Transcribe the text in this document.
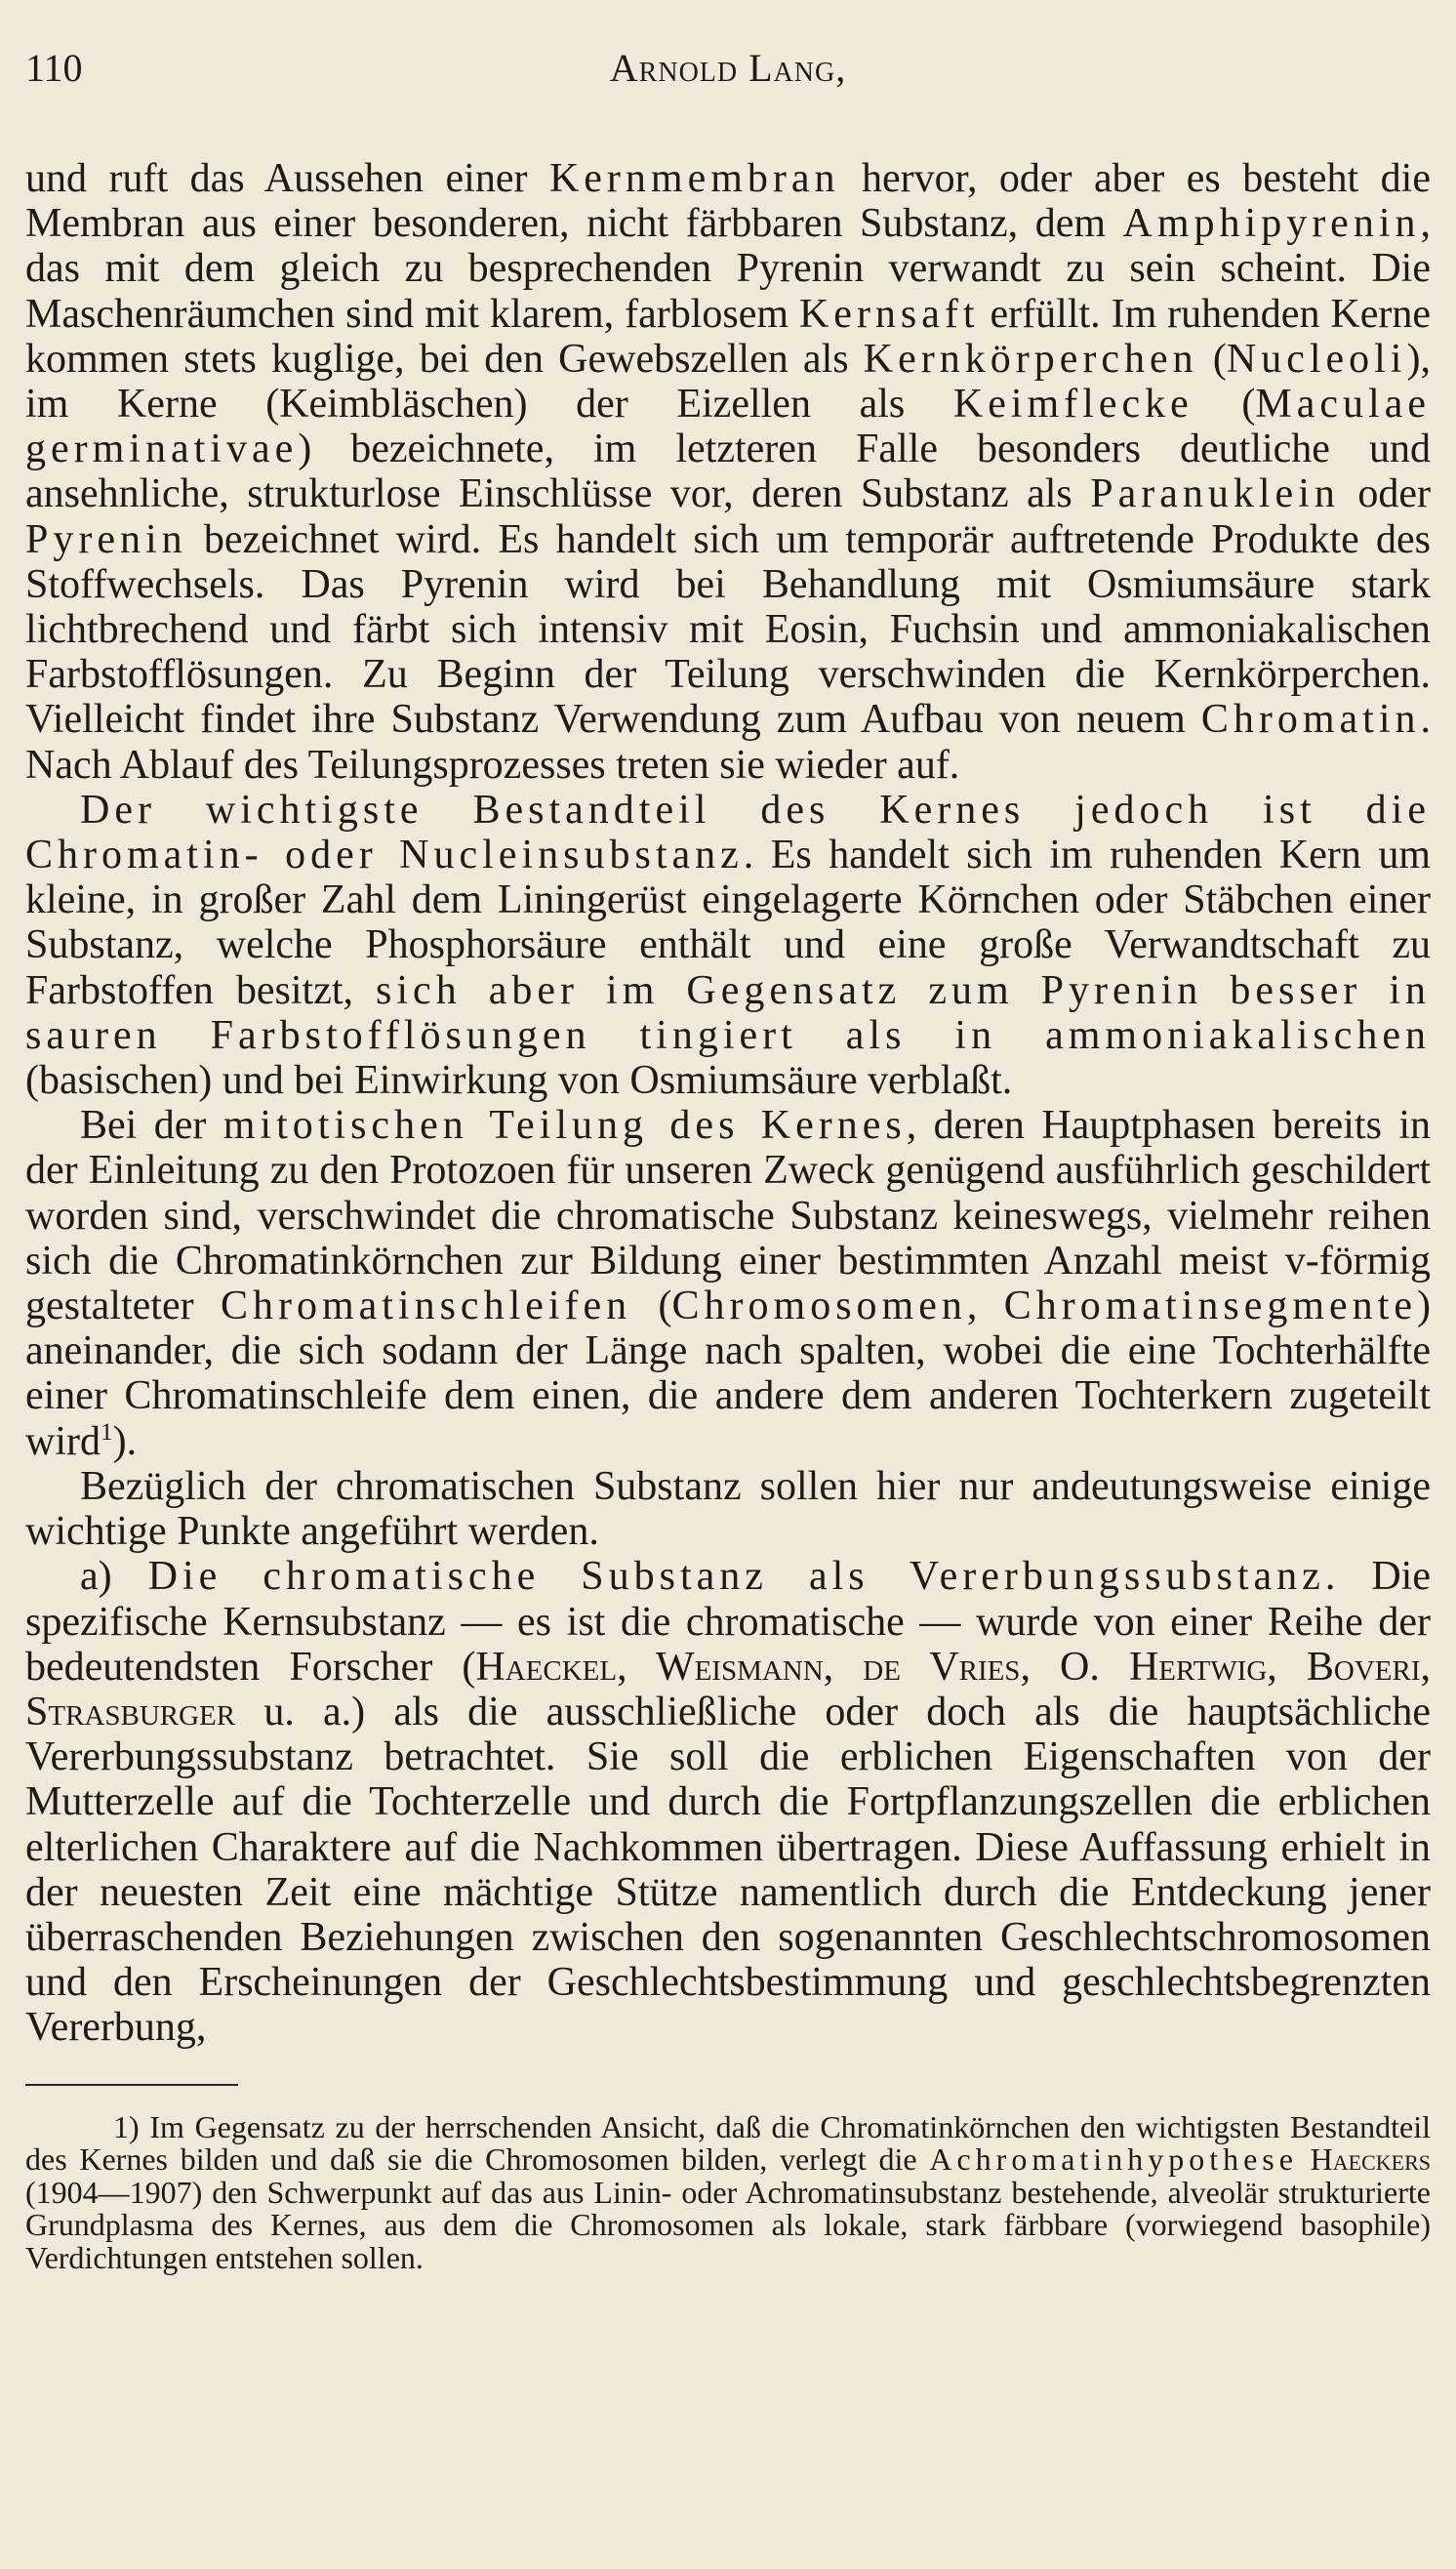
110	Arnold Lang,

und ruft das Aussehen einer Kernmembran hervor, oder aber es besteht die Membran aus einer besonderen, nicht färbbaren Substanz, dem Amphipyrenin, das mit dem gleich zu besprechenden Pyrenin verwandt zu sein scheint. Die Maschenräumchen sind mit klarem, farblosem Kernsaft erfüllt. Im ruhenden Kerne kommen stets kuglige, bei den Gewebszellen als Kernkörperchen (Nucleoli), im Kerne (Keimbläschen) der Eizellen als Keimflecke (Maculae germinativae) bezeichnete, im letzteren Falle besonders deutliche und ansehnliche, strukturlose Einschlüsse vor, deren Substanz als Paranuklein oder Pyrenin bezeichnet wird. Es handelt sich um temporär auftretende Produkte des Stoffwechsels. Das Pyrenin wird bei Behandlung mit Osmiumsäure stark lichtbrechend und färbt sich intensiv mit Eosin, Fuchsin und ammoniakalischen Farbstofflösungen. Zu Beginn der Teilung verschwinden die Kernkörperchen. Vielleicht findet ihre Substanz Verwendung zum Aufbau von neuem Chromatin. Nach Ablauf des Teilungsprozesses treten sie wieder auf.

Der wichtigste Bestandteil des Kernes jedoch ist die Chromatin- oder Nucleinsubstanz. Es handelt sich im ruhenden Kern um kleine, in großer Zahl dem Liningerüst eingelagerte Körnchen oder Stäbchen einer Substanz, welche Phosphorsäure enthält und eine große Verwandtschaft zu Farbstoffen besitzt, sich aber im Gegensatz zum Pyrenin besser in sauren Farbstofflösungen tingiert als in ammoniakalischen (basischen) und bei Einwirkung von Osmiumsäure verblaßt.

Bei der mitotischen Teilung des Kernes, deren Hauptphasen bereits in der Einleitung zu den Protozoen für unseren Zweck genügend ausführlich geschildert worden sind, verschwindet die chromatische Substanz keineswegs, vielmehr reihen sich die Chromatinkörnchen zur Bildung einer bestimmten Anzahl meist v-förmig gestalteter Chromatinschleifen (Chromosomen, Chromatinsegmente) aneinander, die sich sodann der Länge nach spalten, wobei die eine Tochterhälfte einer Chromatinschleife dem einen, die andere dem anderen Tochterkern zugeteilt wird$^1$).

Bezüglich der chromatischen Substanz sollen hier nur andeutungsweise einige wichtige Punkte angeführt werden.

a) Die chromatische Substanz als Vererbungssubstanz. Die spezifische Kernsubstanz — es ist die chromatische — wurde von einer Reihe der bedeutendsten Forscher (Haeckel, Weismann, de Vries, O. Hertwig, Boveri, Strasburger u. a.) als die ausschließliche oder doch als die hauptsächliche Vererbungssubstanz betrachtet. Sie soll die erblichen Eigenschaften von der Mutterzelle auf die Tochterzelle und durch die Fortpflanzungszellen die erblichen elterlichen Charaktere auf die Nachkommen übertragen. Diese Auffassung erhielt in der neuesten Zeit eine mächtige Stütze namentlich durch die Entdeckung jener überraschenden Beziehungen zwischen den sogenannten Geschlechtschromosomen und den Erscheinungen der Geschlechtsbestimmung und geschlechtsbegrenzten Vererbung,

1) Im Gegensatz zu der herrschenden Ansicht, daß die Chromatinkörnchen den wichtigsten Bestandteil des Kernes bilden und daß sie die Chromosomen bilden, verlegt die Achromatinhypothese Haeckers (1904—1907) den Schwerpunkt auf das aus Linin- oder Achromatinsubstanz bestehende, alveolär strukturierte Grundplasma des Kernes, aus dem die Chromosomen als lokale, stark färbbare (vorwiegend basophile) Verdichtungen entstehen sollen.
